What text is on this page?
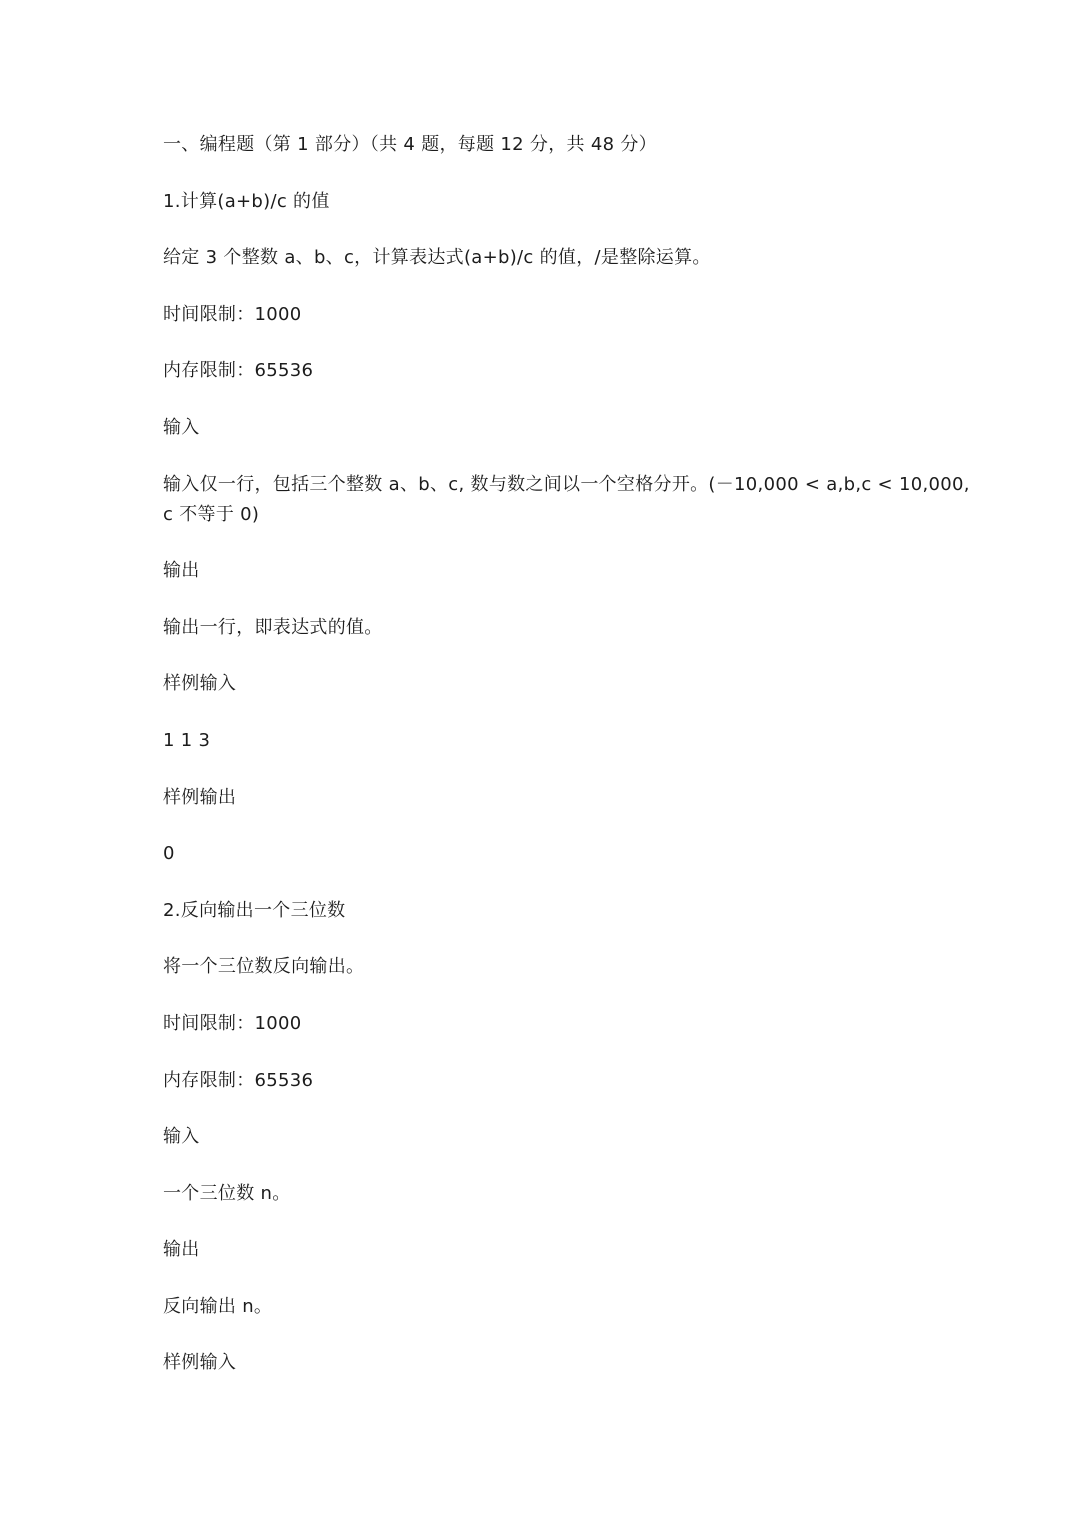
一、编程题（第 1 部分）（共 4 题，每题 12 分，共 48 分）
1.计算(a+b)/c 的值
给定 3 个整数 a、b、c，计算表达式(a+b)/c 的值，/是整除运算。
时间限制：1000
内存限制：65536
输入
输入仅一行，包括三个整数 a、b、c, 数与数之间以一个空格分开。(－10,000 < a,b,c < 10,000,
c 不等于 0)
输出
输出一行，即表达式的值。
样例输入
1 1 3
样例输出
0
2.反向输出一个三位数
将一个三位数反向输出。
时间限制：1000
内存限制：65536
输入
一个三位数 n。
输出
反向输出 n。
样例输入
